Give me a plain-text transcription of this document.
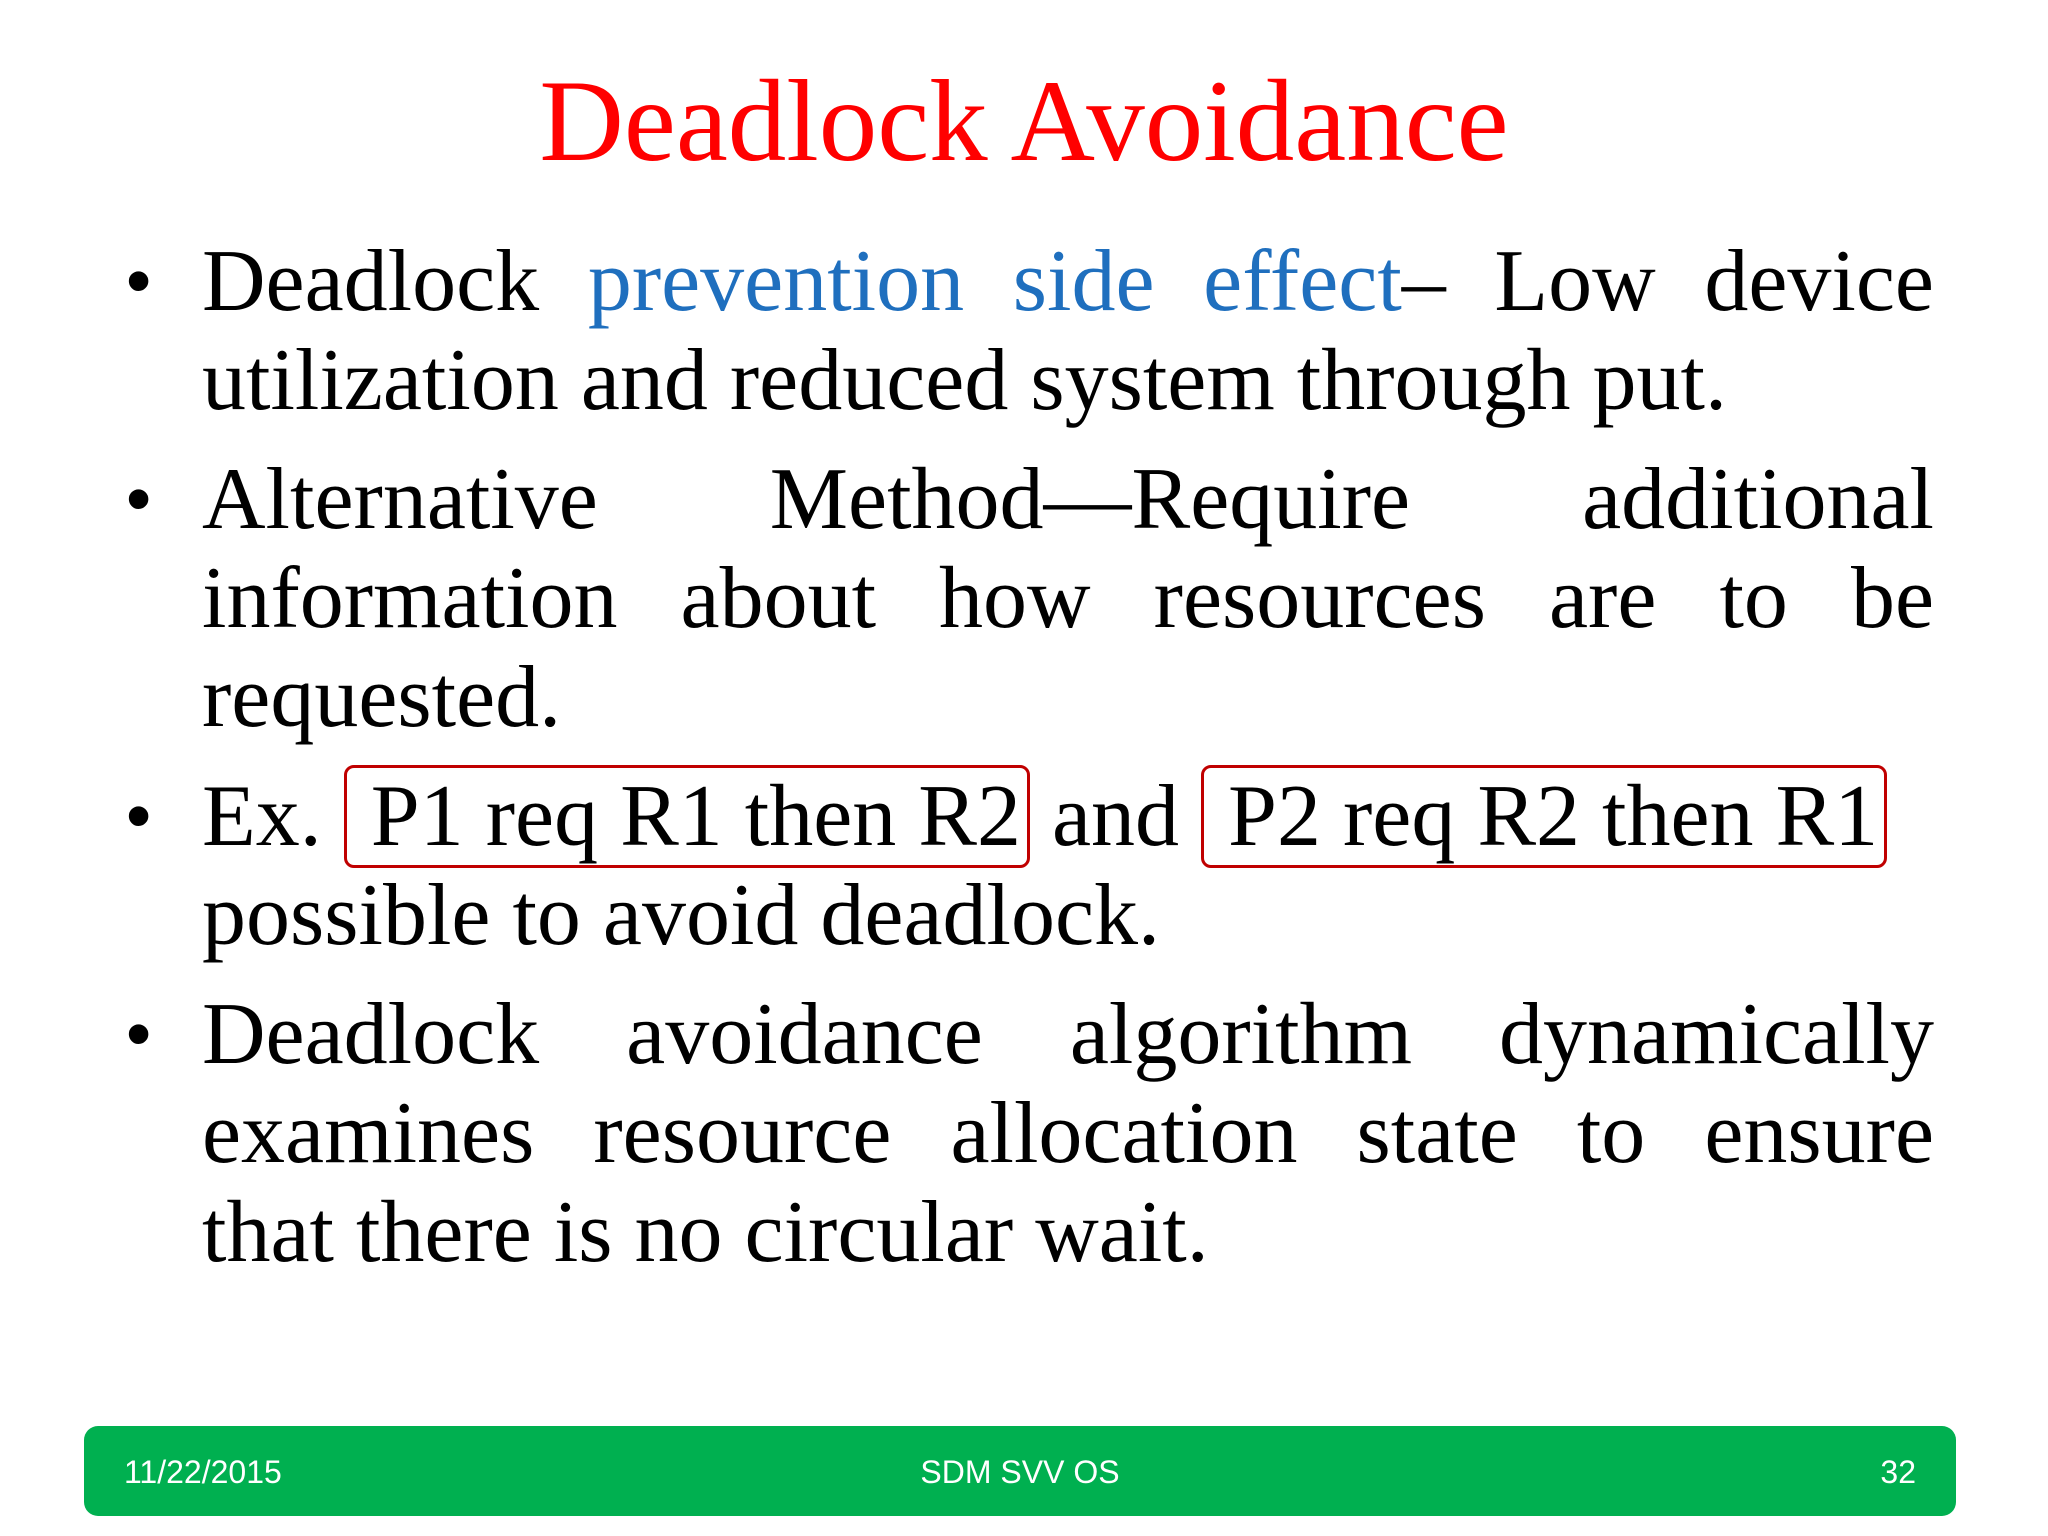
Deadlock Avoidance
• Deadlock prevention side effect– Low device
utilization and reduced system through put.
• Alternative Method—Require additional
information about how resources are to be
requested.
• Ex. P1 req R1 then R2 and P2 req R2 then R1
possible to avoid deadlock.
• Deadlock avoidance algorithm dynamically
examines resource allocation state to ensure
that there is no circular wait.
11/22/2015	SDM SVV OS	32
